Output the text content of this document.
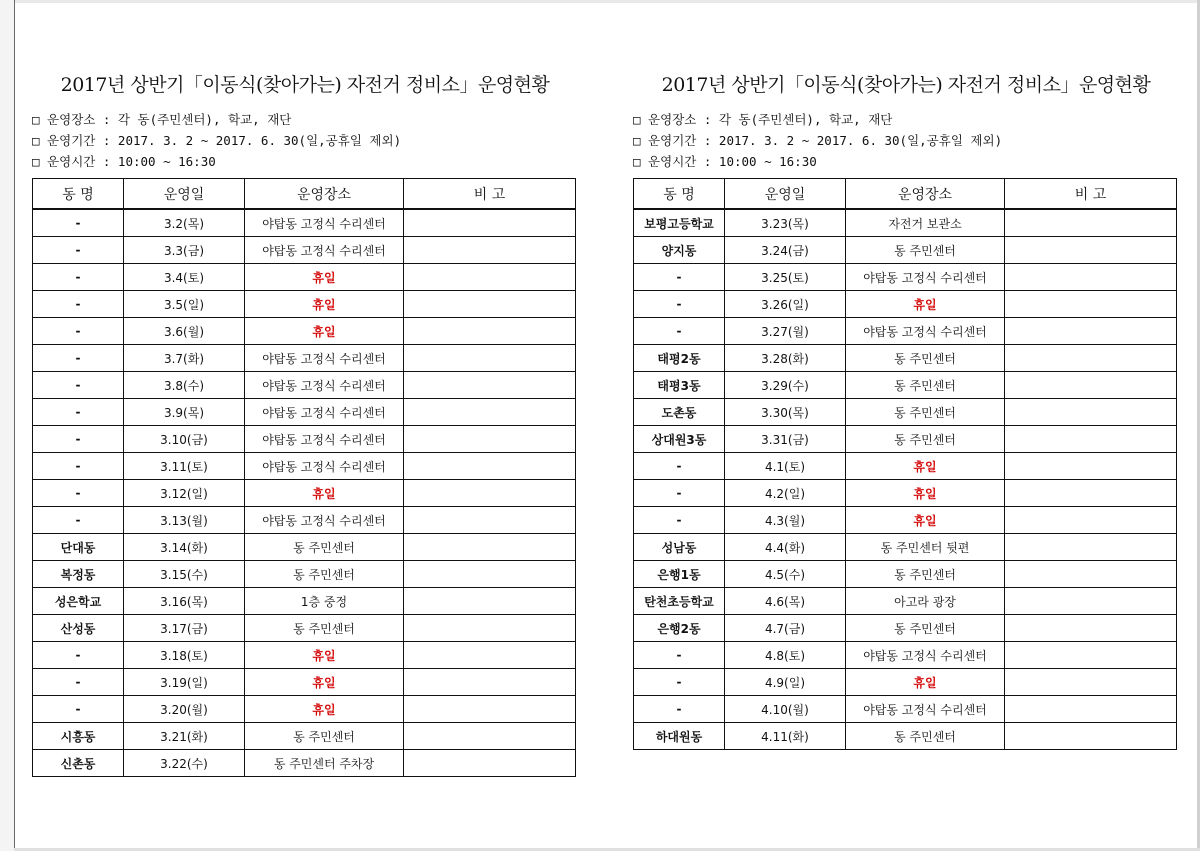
2017년 상반기「이동식(찾아가는) 자전거 정비소」운영현황
□ 운영장소 : 각 동(주민센터), 학교, 재단
□ 운영기간 : 2017. 3. 2 ~ 2017. 6. 30(일,공휴일 제외)
□ 운영시간 : 10:00 ~ 16:30
동 명	운영일	운영장소	비 고
-	3.2(목)	야탑동 고정식 수리센터	
-	3.3(금)	야탑동 고정식 수리센터	
-	3.4(토)	휴일	
-	3.5(일)	휴일	
-	3.6(월)	휴일	
-	3.7(화)	야탑동 고정식 수리센터	
-	3.8(수)	야탑동 고정식 수리센터	
-	3.9(목)	야탑동 고정식 수리센터	
-	3.10(금)	야탑동 고정식 수리센터	
-	3.11(토)	야탑동 고정식 수리센터	
-	3.12(일)	휴일	
-	3.13(월)	야탑동 고정식 수리센터	
단대동	3.14(화)	동 주민센터	
복정동	3.15(수)	동 주민센터	
성은학교	3.16(목)	1층 중정	
산성동	3.17(금)	동 주민센터	
-	3.18(토)	휴일	
-	3.19(일)	휴일	
-	3.20(월)	휴일	
시흥동	3.21(화)	동 주민센터	
신촌동	3.22(수)	동 주민센터 주차장	
2017년 상반기「이동식(찾아가는) 자전거 정비소」운영현황
□ 운영장소 : 각 동(주민센터), 학교, 재단
□ 운영기간 : 2017. 3. 2 ~ 2017. 6. 30(일,공휴일 제외)
□ 운영시간 : 10:00 ~ 16:30
동 명	운영일	운영장소	비 고
보평고등학교	3.23(목)	자전거 보관소	
양지동	3.24(금)	동 주민센터	
-	3.25(토)	야탑동 고정식 수리센터	
-	3.26(일)	휴일	
-	3.27(월)	야탑동 고정식 수리센터	
태평2동	3.28(화)	동 주민센터	
태평3동	3.29(수)	동 주민센터	
도촌동	3.30(목)	동 주민센터	
상대원3동	3.31(금)	동 주민센터	
-	4.1(토)	휴일	
-	4.2(일)	휴일	
-	4.3(월)	휴일	
성남동	4.4(화)	동 주민센터 뒷편	
은행1동	4.5(수)	동 주민센터	
탄천초등학교	4.6(목)	아고라 광장	
은행2동	4.7(금)	동 주민센터	
-	4.8(토)	야탑동 고정식 수리센터	
-	4.9(일)	휴일	
-	4.10(월)	야탑동 고정식 수리센터	
하대원동	4.11(화)	동 주민센터	
